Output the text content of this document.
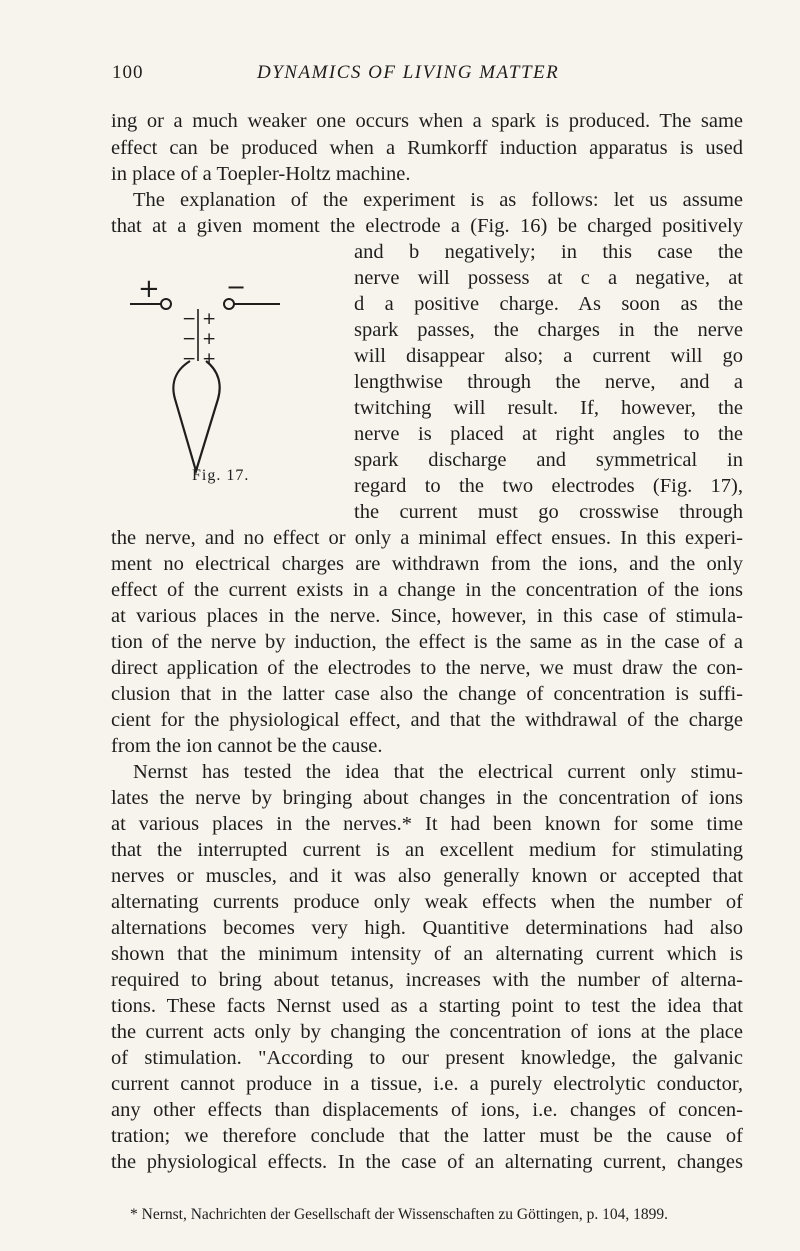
100	DYNAMICS OF LIVING MATTER
ing or a much weaker one occurs when a spark is produced. The same
effect can be produced when a Rumkorff induction apparatus is used
in place of a Toepler-Holtz machine.
The explanation of the experiment is as follows: let us assume
that at a given moment the electrode a (Fig. 16) be charged positively
and b negatively; in this case the
nerve will possess at c a negative, at
d a positive charge. As soon as the
spark passes, the charges in the nerve
will disappear also; a current will go
lengthwise through the nerve, and a
twitching will result. If, however, the
nerve is placed at right angles to the
spark discharge and symmetrical in
regard to the two electrodes (Fig. 17),
the current must go crosswise through
the nerve, and no effect or only a minimal effect ensues. In this experi-
ment no electrical charges are withdrawn from the ions, and the only
effect of the current exists in a change in the concentration of the ions
at various places in the nerve. Since, however, in this case of stimula-
tion of the nerve by induction, the effect is the same as in the case of a
direct application of the electrodes to the nerve, we must draw the con-
clusion that in the latter case also the change of concentration is suffi-
cient for the physiological effect, and that the withdrawal of the charge
from the ion cannot be the cause.
Nernst has tested the idea that the electrical current only stimu-
lates the nerve by bringing about changes in the concentration of ions
at various places in the nerves.* It had been known for some time
that the interrupted current is an excellent medium for stimulating
nerves or muscles, and it was also generally known or accepted that
alternating currents produce only weak effects when the number of
alternations becomes very high. Quantitive determinations had also
shown that the minimum intensity of an alternating current which is
required to bring about tetanus, increases with the number of alterna-
tions. These facts Nernst used as a starting point to test the idea that
the current acts only by changing the concentration of ions at the place
of stimulation. "According to our present knowledge, the galvanic
current cannot produce in a tissue, i.e. a purely electrolytic conductor,
any other effects than displacements of ions, i.e. changes of concen-
tration; we therefore conclude that the latter must be the cause of
the physiological effects. In the case of an alternating current, changes
+	−
− +
− +
− +
Fig. 17.
* Nernst, Nachrichten der Gesellschaft der Wissenschaften zu Göttingen, p. 104, 1899.
